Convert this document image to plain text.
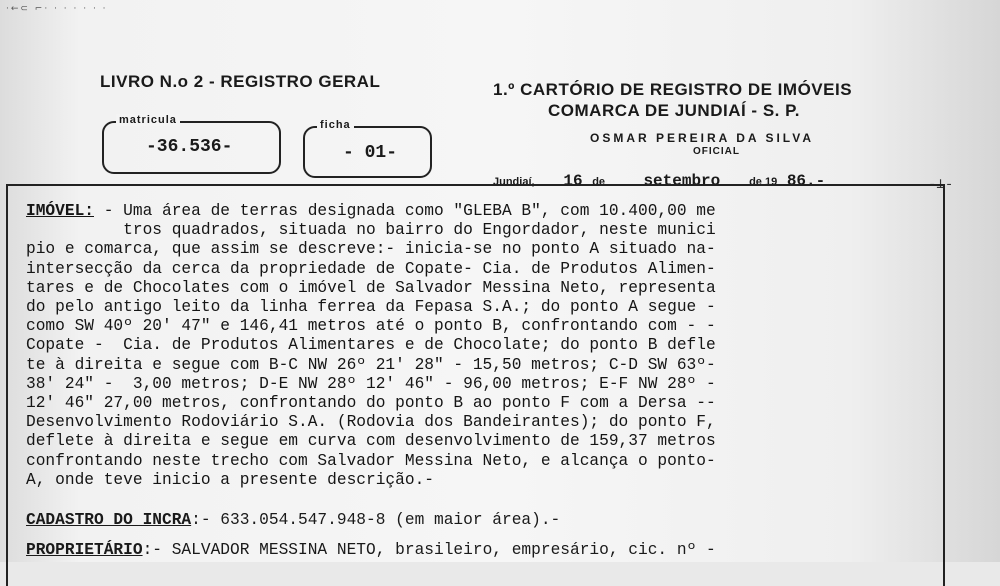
·←⊂ ⌐· · · · · · ·
LIVRO N.o 2 - REGISTRO GERAL	1.º CARTÓRIO DE REGISTRO DE IMÓVEIS
COMARCA DE JUNDIAÍ - S. P.
OSMAR PEREIRA DA SILVA
OFICIAL
matricula
-36.536-
ficha
- 01-
Jundiaí, 16 de setembro	de 19 86.-	-⊥-
IMÓVEL: - Uma área de terras designada como "GLEBA B", com 10.400,00 me
tros quadrados, situada no bairro do Engordador, neste munici
pio e comarca, que assim se descreve:- inicia-se no ponto A situado na-
intersecção da cerca da propriedade de Copate- Cia. de Produtos Alimen-
tares e de Chocolates com o imóvel de Salvador Messina Neto, representa
do pelo antigo leito da linha ferrea da Fepasa S.A.; do ponto A segue -
como SW 40º 20' 47" e 146,41 metros até o ponto B, confrontando com - -
Copate -  Cia. de Produtos Alimentares e de Chocolate; do ponto B defle
te à direita e segue com B-C NW 26º 21' 28" - 15,50 metros; C-D SW 63º-
38' 24" -  3,00 metros; D-E NW 28º 12' 46" - 96,00 metros; E-F NW 28º -
12' 46" 27,00 metros, confrontando do ponto B ao ponto F com a Dersa --
Desenvolvimento Rodoviário S.A. (Rodovia dos Bandeirantes); do ponto F,
deflete à direita e segue em curva com desenvolvimento de 159,37 metros
confrontando neste trecho com Salvador Messina Neto, e alcança o ponto-
A, onde teve inicio a presente descrição.-
CADASTRO DO INCRA:- 633.054.547.948-8 (em maior área).-
PROPRIETÁRIO:- SALVADOR MESSINA NETO, brasileiro, empresário, cic. nº -
